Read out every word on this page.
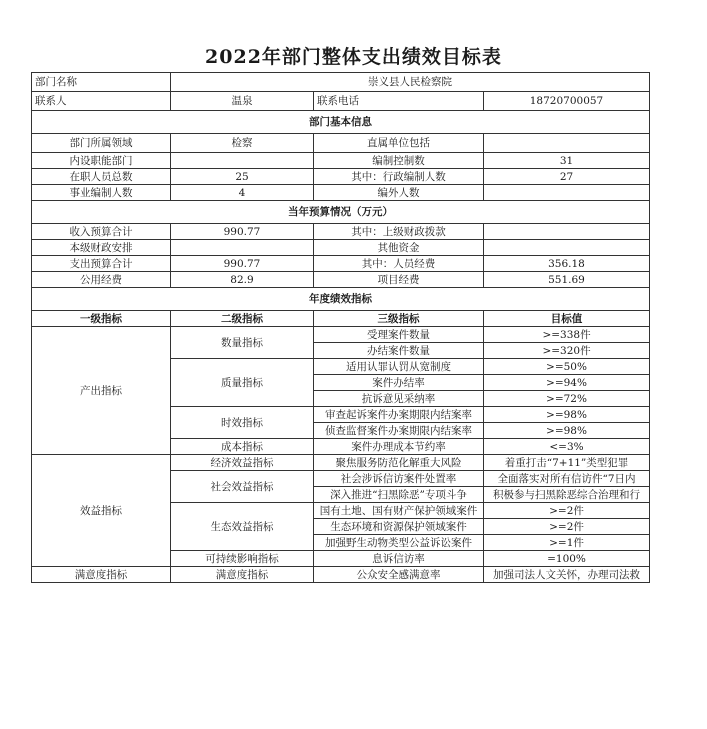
2022年部门整体支出绩效目标表
部门名称	崇义县人民检察院		
联系人	温泉	联系电话	18720700057
部门基本信息			
部门所属领域	检察	直属单位包括	
内设职能部门		编制控制数	31
在职人员总数	25	其中：行政编制人数	27
事业编制人数	4	编外人数	
当年预算情况（万元）			
收入预算合计	990.77	其中：上级财政拨款	
本级财政安排		其他资金	
支出预算合计	990.77	其中：人员经费	356.18
公用经费	82.9	项目经费	551.69
年度绩效指标			
一级指标	二级指标	三级指标	目标值
产出指标	数量指标	受理案件数量	>=338件
		办结案件数量	>=320件
	质量指标	适用认罪认罚从宽制度	>=50%
		案件办结率	>=94%
		抗诉意见采纳率	>=72%
	时效指标	审查起诉案件办案期限内结案率	>=98%
		侦查监督案件办案期限内结案率	>=98%
	成本指标	案件办理成本节约率	<=3%
效益指标	经济效益指标	聚焦服务防范化解重大风险	着重打击“7+11”类型犯罪
	社会效益指标	社会涉诉信访案件处置率	全面落实对所有信访件“7日内
		深入推进“扫黑除恶”专项斗争	积极参与扫黑除恶综合治理和行
	生态效益指标	国有土地、国有财产保护领域案件	>=2件
		生态环境和资源保护领域案件	>=2件
		加强野生动物类型公益诉讼案件	>=1件
	可持续影响指标	息诉信访率	=100%
满意度指标	满意度指标	公众安全感满意率	加强司法人文关怀，办理司法救
